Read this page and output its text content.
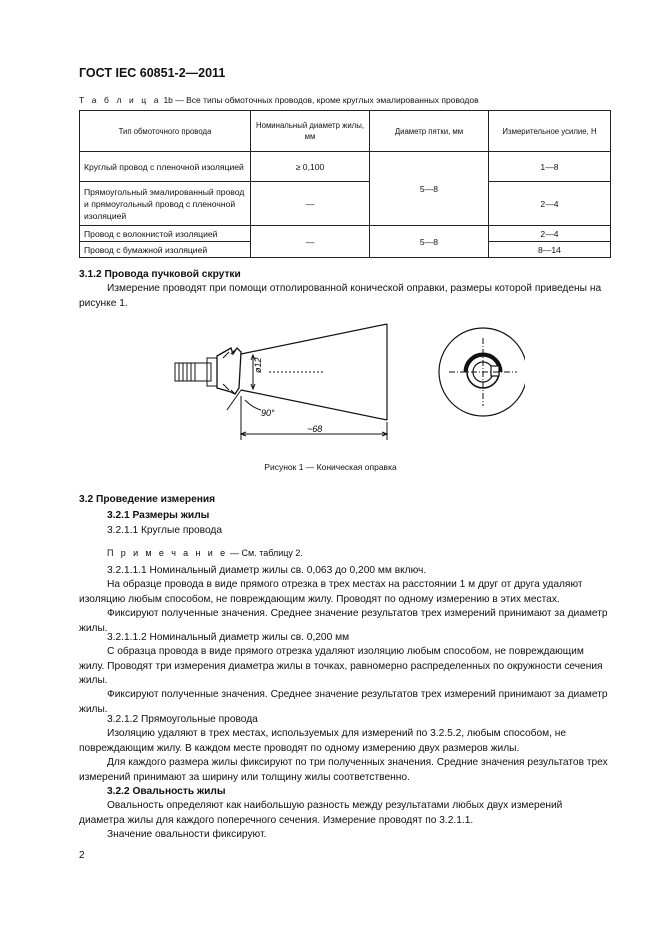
ГОСТ IEC 60851-2—2011
Т а б л и ц а 1b — Все типы обмоточных проводов, кроме круглых эмалированных проводов
Тип обмоточного провода	Номинальный диаметр жилы, мм	Диаметр пятки, мм	Измерительное усилие, Н
Круглый провод с пленочной изоляцией	≥ 0,100	5—8	1—8
Прямоугольный эмалированный провод и прямоугольный провод с пленочной изоляцией	—		2—4
Провод с волокнистой изоляцией	—	5—8	2—4
Провод с бумажной изоляцией			8—14
3.1.2 Провода пучковой скрутки
Измерение проводят при помощи отполированной конической оправки, размеры которой приведены на рисунке 1.
ø12
90°
~68
Рисунок 1 — Коническая оправка
3.2 Проведение измерения
3.2.1 Размеры жилы
3.2.1.1 Круглые провода
П р и м е ч а н и е — См. таблицу 2.
3.2.1.1.1 Номинальный диаметр жилы св. 0,063 до 0,200 мм включ.
На образце провода в виде прямого отрезка в трех местах на расстоянии 1 м друг от друга удаляют изоляцию любым способом, не повреждающим жилу. Проводят по одному измерению в этих местах.
Фиксируют полученные значения. Среднее значение результатов трех измерений принимают за диаметр жилы.
3.2.1.1.2 Номинальный диаметр жилы св. 0,200 мм
С образца провода в виде прямого отрезка удаляют изоляцию любым способом, не повреждающим жилу. Проводят три измерения диаметра жилы в точках, равномерно распределенных по окружности сечения жилы.
Фиксируют полученные значения. Среднее значение результатов трех измерений принимают за диаметр жилы.
3.2.1.2 Прямоугольные провода
Изоляцию удаляют в трех местах, используемых для измерений по 3.2.5.2, любым способом, не повреждающим жилу. В каждом месте проводят по одному измерению двух размеров жилы.
Для каждого размера жилы фиксируют по три полученных значения. Средние значения результатов трех измерений принимают за ширину или толщину жилы соответственно.
3.2.2 Овальность жилы
Овальность определяют как наибольшую разность между результатами любых двух измерений диаметра жилы для каждого поперечного сечения. Измерение проводят по 3.2.1.1.
Значение овальности фиксируют.
2
